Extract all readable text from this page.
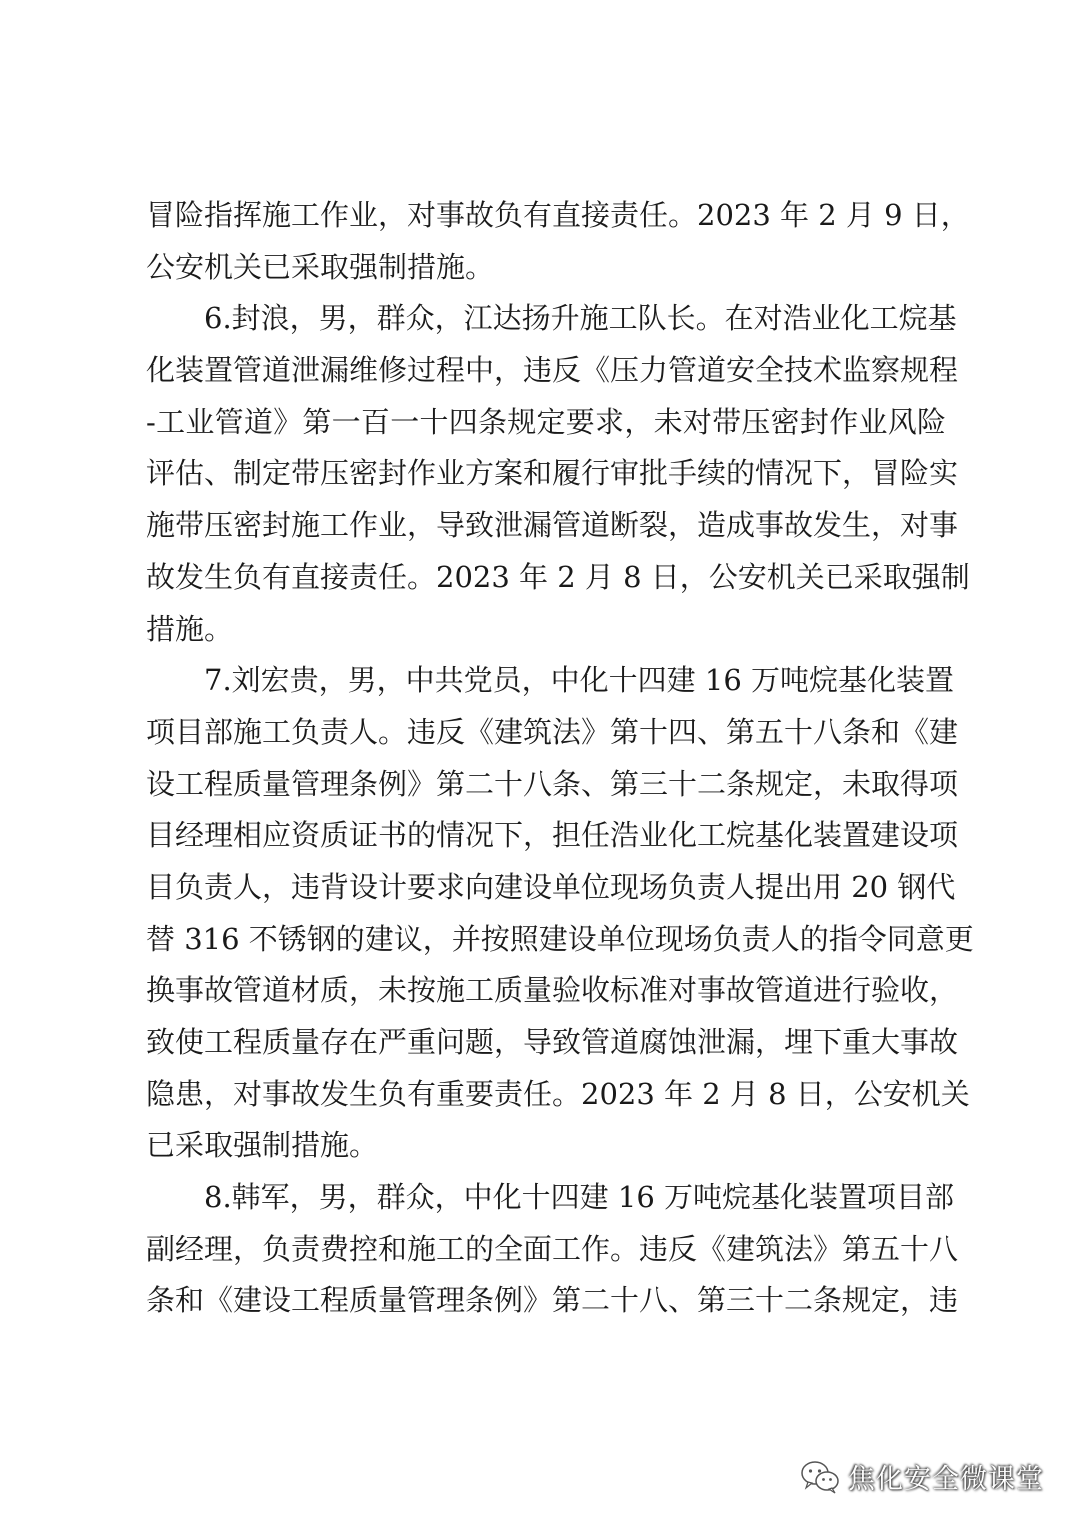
冒险指挥施工作业，对事故负有直接责任。2023 年 2 月 9 日，
公安机关已采取强制措施。
　　6.封浪，男，群众，江达扬升施工队长。在对浩业化工烷基
化装置管道泄漏维修过程中，违反《压力管道安全技术监察规程
-工业管道》第一百一十四条规定要求，未对带压密封作业风险
评估、制定带压密封作业方案和履行审批手续的情况下，冒险实
施带压密封施工作业，导致泄漏管道断裂，造成事故发生，对事
故发生负有直接责任。2023 年 2 月 8 日，公安机关已采取强制
措施。
　　7.刘宏贵，男，中共党员，中化十四建 16 万吨烷基化装置
项目部施工负责人。违反《建筑法》第十四、第五十八条和《建
设工程质量管理条例》第二十八条、第三十二条规定，未取得项
目经理相应资质证书的情况下，担任浩业化工烷基化装置建设项
目负责人，违背设计要求向建设单位现场负责人提出用 20 钢代
替 316 不锈钢的建议，并按照建设单位现场负责人的指令同意更
换事故管道材质，未按施工质量验收标准对事故管道进行验收，
致使工程质量存在严重问题，导致管道腐蚀泄漏，埋下重大事故
隐患，对事故发生负有重要责任。2023 年 2 月 8 日，公安机关
已采取强制措施。
　　8.韩军，男，群众，中化十四建 16 万吨烷基化装置项目部
副经理，负责费控和施工的全面工作。违反《建筑法》第五十八
条和《建设工程质量管理条例》第二十八、第三十二条规定，违
焦化安全微课堂
